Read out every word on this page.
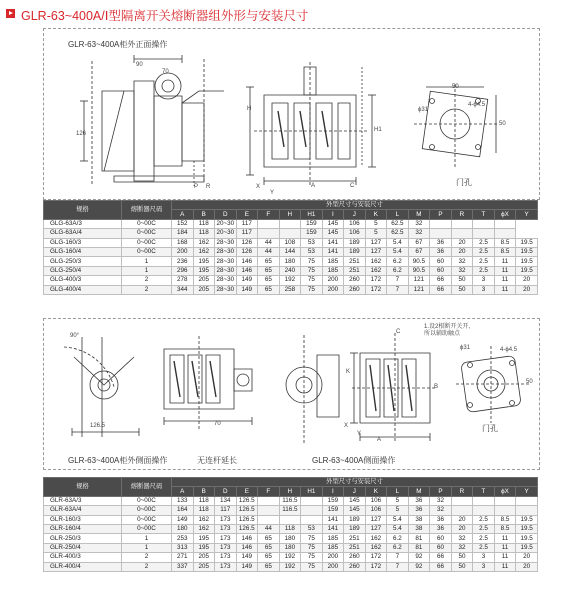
GLR-63~400A/Ⅰ型隔离开关熔断器组外形与安装尺寸
GLR-63~400A柜外正面操作
90
126
70
P R
H
A
H1
X
Y
C
ϕ31
4-ϕ4.5
50
50
门孔
规格	熔断器尺码	外型尺寸与安装尺寸																
		A	B	D	E	F	H	H1	I	J	K	L	M	P	R	T	ϕX	Y
GLG-63A/3	0~00C	152	118	20~30	117			159	145	106	5	62.5	32					
GLG-63A/4	0~00C	184	118	20~30	117			159	145	106	5	62.5	32					
GLG-160/3	0~00C	168	162	28~30	126	44	108	53	141	189	127	5.4	67	36	20	2.5	8.5	19.5
GLG-160/4	0~00C	200	162	28~30	126	44	144	53	141	189	127	5.4	67	36	20	2.5	8.5	19.5
GLG-250/3	1	236	195	28~30	146	65	180	75	185	251	162	6.2	90.5	60	32	2.5	11	19.5
GLG-250/4	1	296	195	28~30	146	65	240	75	185	251	162	6.2	90.5	60	32	2.5	11	19.5
GLG-400/3	2	278	205	28~30	149	65	192	75	200	260	172	7	121	66	50	3	11	20
GLG-400/4	2	344	205	28~30	149	65	258	75	200	260	172	7	121	66	50	3	11	20
90°
126.5	70
A
X
Y
K
B
C
1.设2根断开关开、
所以辅助触点
ϕ31	4-ϕ4.5
50
门孔
GLR-63~400A柜外侧面操作	无连杆延长	GLR-63~400A侧面操作
规格	熔断器尺码	外型尺寸与安装尺寸																
		A	B	D	E	F	H	H1	I	J	K	L	M	P	R	T	ϕX	Y
GLR-63A/3	0~00C	133	118	134	126.5		116.5		159	145	106	5	36	32				
GLR-63A/4	0~00C	164	118	117	126.5		116.5		159	145	106	5	36	32				
GLR-160/3	0~00C	149	162	173	126.5				141	189	127	5.4	38	36	20	2.5	8.5	19.5
GLR-160/4	0~00C	180	162	173	126.5	44	118	53	141	189	127	5.4	38	36	20	2.5	8.5	19.5
GLR-250/3	1	253	195	173	146	65	180	75	185	251	162	6.2	81	60	32	2.5	11	19.5
GLR-250/4	1	313	195	173	146	65	180	75	185	251	162	6.2	81	60	32	2.5	11	19.5
GLR-400/3	2	271	205	173	149	65	192	75	200	260	172	7	92	66	50	3	11	20
GLR-400/4	2	337	205	173	149	65	192	75	200	260	172	7	92	66	50	3	11	20
